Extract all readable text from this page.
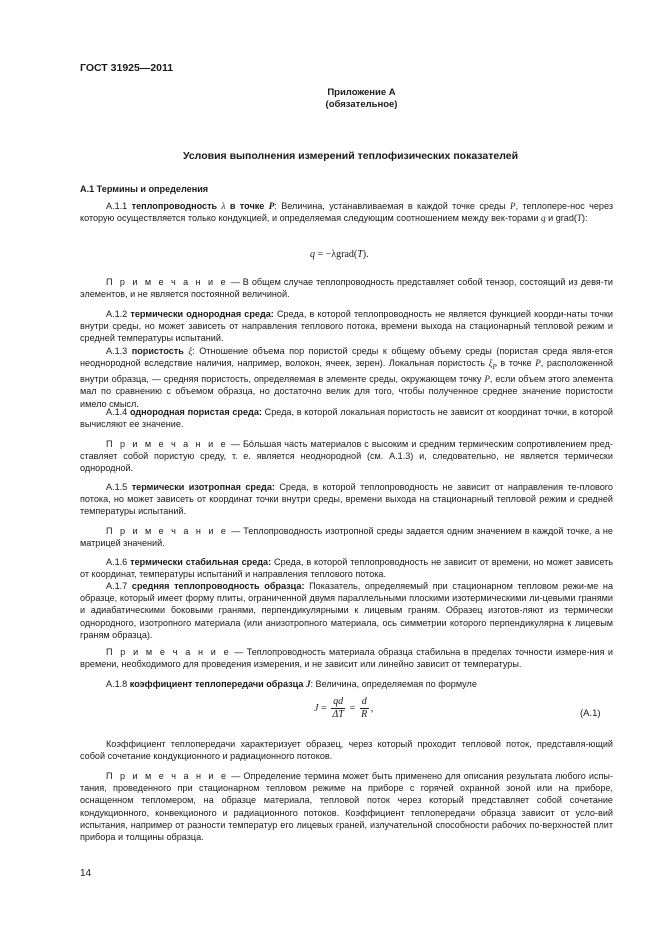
ГОСТ 31925—2011
Приложение А
(обязательное)
Условия выполнения измерений теплофизических показателей
А.1 Термины и определения
А.1.1 теплопроводность λ в точке P: Величина, устанавливаемая в каждой точке среды P, теплопере-нос через которую осуществляется только кондукцией, и определяемая следующим соотношением между век-торами q и grad(T):
q = −λgrad(T).
П р и м е ч а н и е — В общем случае теплопроводность представляет собой тензор, состоящий из девя-ти элементов, и не является постоянной величиной.
А.1.2 термически однородная среда: Среда, в которой теплопроводность не является функцией коорди-наты точки внутри среды, но может зависеть от направления теплового потока, времени выхода на стационарный тепловой режим и средней температуры испытаний.
А.1.3 пористость ξ: Отношение объема пор пористой среды к общему объему среды (пористая среда явля-ется неоднородной вследствие наличия, например, волокон, ячеек, зерен). Локальная пористость $\xi_P$ в точке P, расположенной внутри образца, — средняя пористость, определяемая в элементе среды, окружающем точку P, если объем этого элемента мал по сравнению с объемом образца, но достаточно велик для того, чтобы полученное среднее значение пористости имело смысл.
А.1.4 однородная пористая среда: Среда, в которой локальная пористость не зависит от координат точки, в которой вычисляют ее значение.
П р и м е ч а н и е — Бо́льшая часть материалов с высоким и средним термическим сопротивлением пред-ставляет собой пористую среду, т. е. является неоднородной (см. А.1.3) и, следовательно, не является термически однородной.
А.1.5 термически изотропная среда: Среда, в которой теплопроводность не зависит от направления те-плового потока, но может зависеть от координат точки внутри среды, времени выхода на стационарный тепловой режим и средней температуры испытаний.
П р и м е ч а н и е — Теплопроводность изотропной среды задается одним значением в каждой точке, а не матрицей значений.
А.1.6 термически стабильная среда: Среда, в которой теплопроводность не зависит от времени, но может зависеть от координат, температуры испытаний и направления теплового потока.
А.1.7 средняя теплопроводность образца: Показатель, определяемый при стационарном тепловом режи-ме на образце, который имеет форму плиты, ограниченной двумя параллельными плоскими изотермическими ли-цевыми гранями и адиабатическими боковыми гранями, перпендикулярными к лицевым граням. Образец изготов-ляют из термически однородного, изотропного материала (или анизотропного материала, ось симметрии которого перпендикулярна к лицевым граням образца).
П р и м е ч а н и е — Теплопроводность материала образца стабильна в пределах точности измере-ния и времени, необходимого для проведения измерения, и не зависит или линейно зависит от температуры.
А.1.8 коэффициент теплопередачи образца J: Величина, определяемая по формуле
$J = \frac{qd}{\Delta T} = \frac{d}{R}$ ,	(А.1)
Коэффициент теплопередачи характеризует образец, через который проходит тепловой поток, представля-ющий собой сочетание кондукционного и радиационного потоков.
П р и м е ч а н и е — Определение термина может быть применено для описания результата любого испы-тания, проведенного при стационарном тепловом режиме на приборе с горячей охранной зоной или на приборе, оснащенном тепломером, на образце материала, тепловой поток через который представляет собой сочетание кондукционного, конвекционого и радиационного потоков. Коэффициент теплопередачи образца зависит от усло-вий испытания, например от разности температур его лицевых граней, излучательной способности рабочих по-верхностей плит прибора и толщины образца.
14
